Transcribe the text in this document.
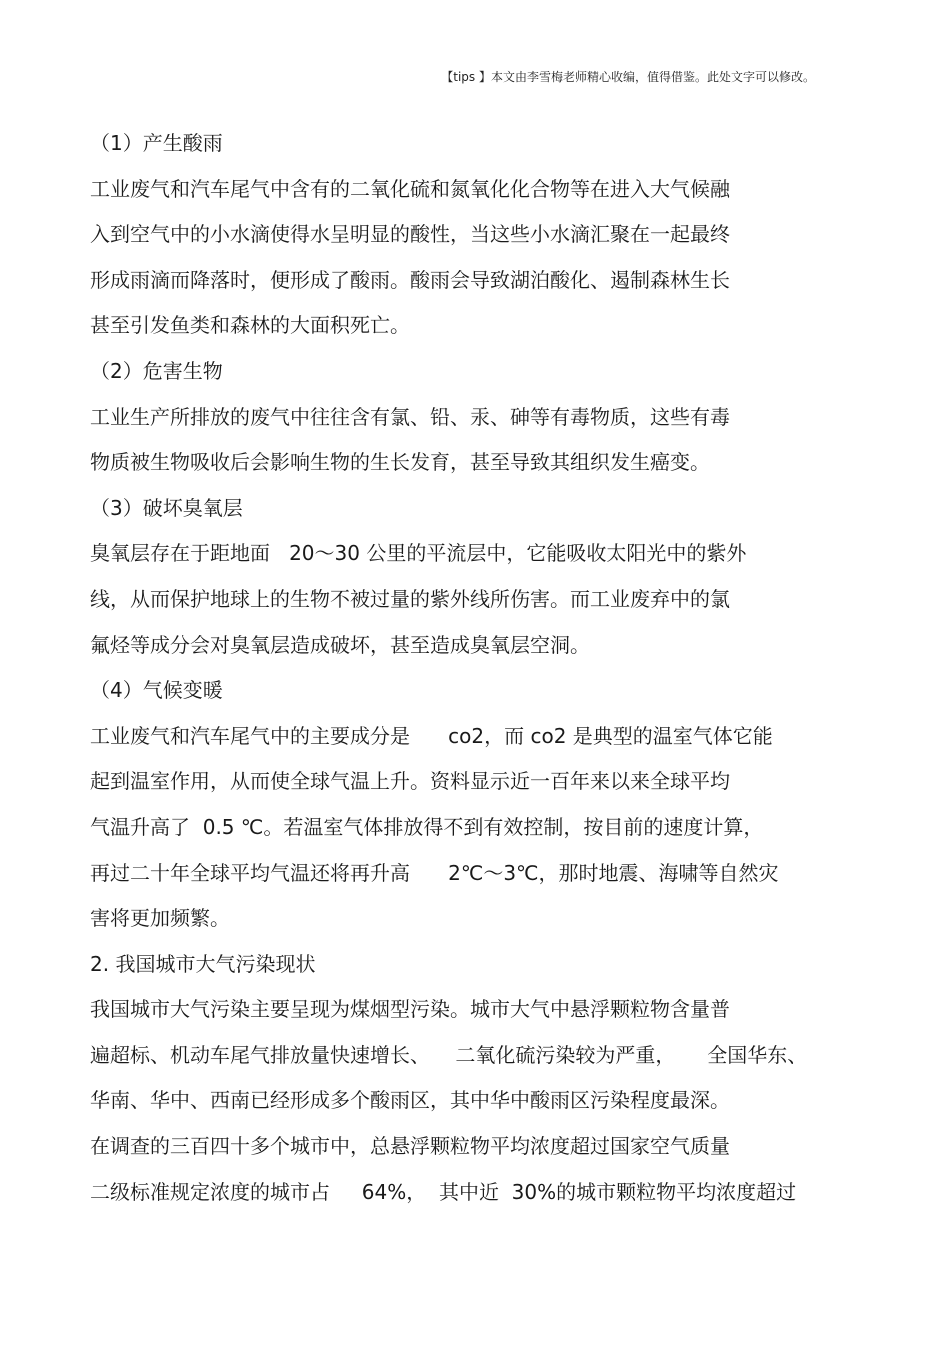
【tips 】本文由李雪梅老师精心收编，值得借鉴。此处文字可以修改。
（1）产生酸雨
工业废气和汽车尾气中含有的二氧化硫和氮氧化化合物等在进入大气候融
入到空气中的小水滴使得水呈明显的酸性，当这些小水滴汇聚在一起最终
形成雨滴而降落时，便形成了酸雨。酸雨会导致湖泊酸化、遏制森林生长
甚至引发鱼类和森林的大面积死亡。
（2）危害生物
工业生产所排放的废气中往往含有氯、铅、汞、砷等有毒物质，这些有毒
物质被生物吸收后会影响生物的生长发育，甚至导致其组织发生癌变。
（3）破坏臭氧层
臭氧层存在于距地面   20～30 公里的平流层中，它能吸收太阳光中的紫外
线，从而保护地球上的生物不被过量的紫外线所伤害。而工业废弃中的氯
氟烃等成分会对臭氧层造成破坏，甚至造成臭氧层空洞。
（4）气候变暖
工业废气和汽车尾气中的主要成分是      co2，而 co2 是典型的温室气体它能
起到温室作用，从而使全球气温上升。资料显示近一百年来以来全球平均
气温升高了  0.5 ℃。若温室气体排放得不到有效控制，按目前的速度计算，
再过二十年全球平均气温还将再升高      2℃～3℃，那时地震、海啸等自然灾
害将更加频繁。
2. 我国城市大气污染现状
我国城市大气污染主要呈现为煤烟型污染。城市大气中悬浮颗粒物含量普
遍超标、机动车尾气排放量快速增长、    二氧化硫污染较为严重，     全国华东、
华南、华中、西南已经形成多个酸雨区，其中华中酸雨区污染程度最深。
在调查的三百四十多个城市中，总悬浮颗粒物平均浓度超过国家空气质量
二级标准规定浓度的城市占     64%，  其中近  30%的城市颗粒物平均浓度超过
